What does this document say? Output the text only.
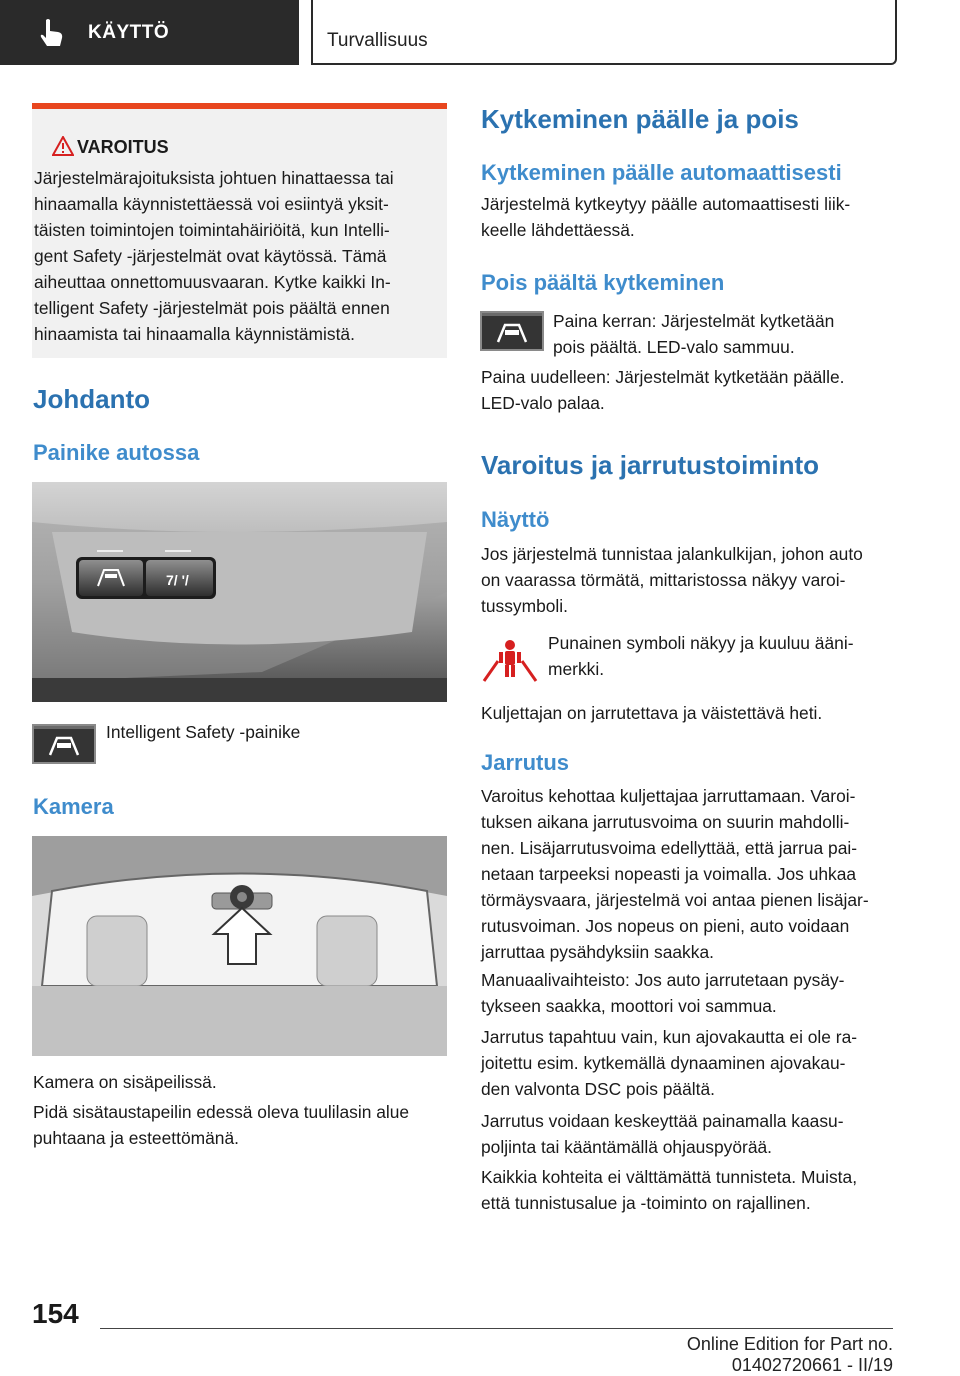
KÄYTTÖ	Turvallisuus
VAROITUS
Järjestelmärajoituksista johtuen hinattaessa tai
hinaamalla käynnistettäessä voi esiintyä yksit-
täisten toimintojen toimintahäiriöitä, kun Intelli-
gent Safety -järjestelmät ovat käytössä. Tämä
aiheuttaa onnettomuusvaaran. Kytke kaikki In-
telligent Safety -järjestelmät pois päältä ennen
hinaamista tai hinaamalla käynnistämistä.
Johdanto
Painike autossa
7/ '/
Intelligent Safety -painike
Kamera
Kamera on sisäpeilissä.
Pidä sisätaustapeilin edessä oleva tuulilasin alue
puhtaana ja esteettömänä.
Kytkeminen päälle ja pois
Kytkeminen päälle automaattisesti
Järjestelmä kytkeytyy päälle automaattisesti liik-
keelle lähdettäessä.
Pois päältä kytkeminen
Paina kerran: Järjestelmät kytketään
pois päältä. LED-valo sammuu.
Paina uudelleen: Järjestelmät kytketään päälle.
LED-valo palaa.
Varoitus ja jarrutustoiminto
Näyttö
Jos järjestelmä tunnistaa jalankulkijan, johon auto
on vaarassa törmätä, mittaristossa näkyy varoi-
tussymboli.
Punainen symboli näkyy ja kuuluu ääni-
merkki.
Kuljettajan on jarrutettava ja väistettävä heti.
Jarrutus
Varoitus kehottaa kuljettajaa jarruttamaan. Varoi-
tuksen aikana jarrutusvoima on suurin mahdolli-
nen. Lisäjarrutusvoima edellyttää, että jarrua pai-
netaan tarpeeksi nopeasti ja voimalla. Jos uhkaa
törmäysvaara, järjestelmä voi antaa pienen lisäjar-
rutusvoiman. Jos nopeus on pieni, auto voidaan
jarruttaa pysähdyksiin saakka.
Manuaalivaihteisto: Jos auto jarrutetaan pysäy-
tykseen saakka, moottori voi sammua.
Jarrutus tapahtuu vain, kun ajovakautta ei ole ra-
joitettu esim. kytkemällä dynaaminen ajovakau-
den valvonta DSC pois päältä.
Jarrutus voidaan keskeyttää painamalla kaasu-
poljinta tai kääntämällä ohjauspyörää.
Kaikkia kohteita ei välttämättä tunnisteta. Muista,
että tunnistusalue ja -toiminto on rajallinen.
154
Online Edition for Part no. 01402720661 - II/19
